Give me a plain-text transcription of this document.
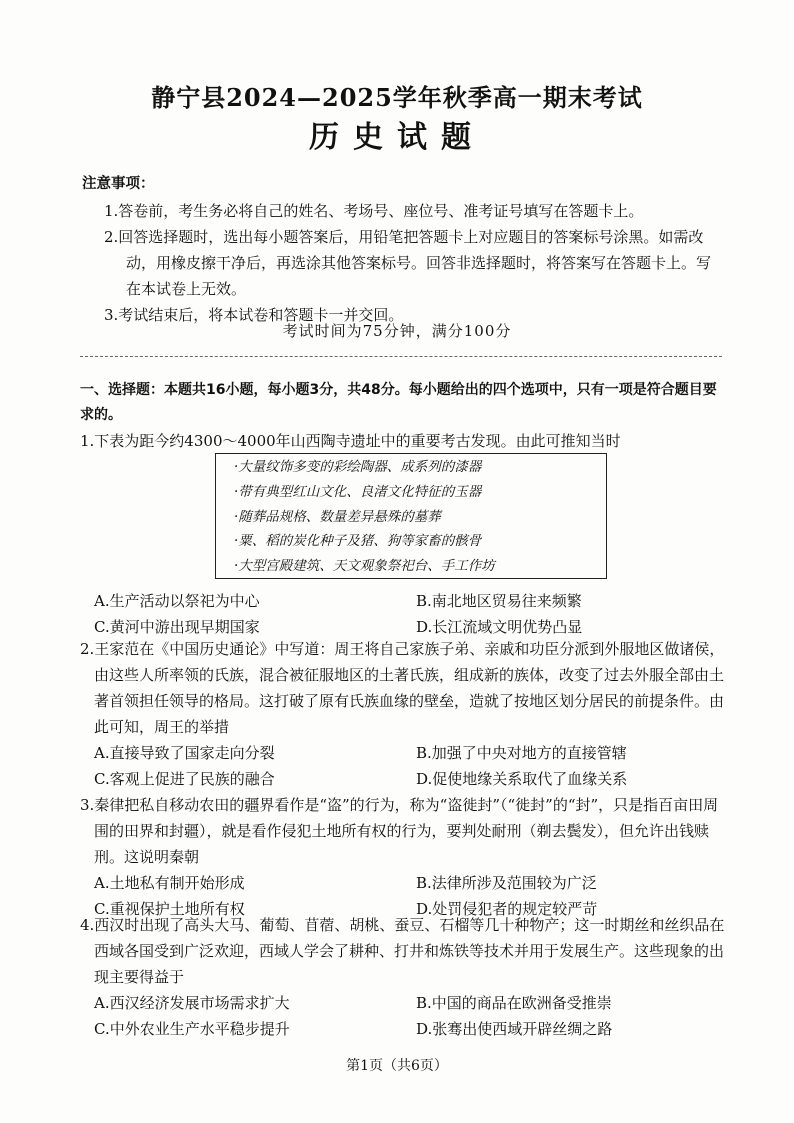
静宁县2024—2025学年秋季高一期末考试
历史试题
注意事项：

1.答卷前，考生务必将自己的姓名、考场号、座位号、准考证号填写在答题卡上。

2.回答选择题时，选出每小题答案后，用铅笔把答题卡上对应题目的答案标号涂黑。如需改动，用橡皮擦干净后，再选涂其他答案标号。回答非选择题时，将答案写在答题卡上。写在本试卷上无效。

3.考试结束后，将本试卷和答题卡一并交回。

考试时间为75分钟，满分100分
一、选择题：本题共16小题，每小题3分，共48分。每小题给出的四个选项中，只有一项是符合题目要求的。
1.下表为距今约4300～4000年山西陶寺遗址中的重要考古发现。由此可推知当时
·大量纹饰多变的彩绘陶器、成系列的漆器
·带有典型红山文化、良渚文化特征的玉器
·随葬品规格、数量差异悬殊的墓葬
·粟、稻的炭化种子及猪、狗等家畜的骸骨
·大型宫殿建筑、天文观象祭祀台、手工作坊
A.生产活动以祭祀为中心	B.南北地区贸易往来频繁
C.黄河中游出现早期国家	D.长江流域文明优势凸显
2.王家范在《中国历史通论》中写道：周王将自己家族子弟、亲戚和功臣分派到外服地区做诸侯，由这些人所率领的氏族，混合被征服地区的土著氏族，组成新的族体，改变了过去外服全部由土著首领担任领导的格局。这打破了原有氏族血缘的壁垒，造就了按地区划分居民的前提条件。由此可知，周王的举措
A.直接导致了国家走向分裂	B.加强了中央对地方的直接管辖
C.客观上促进了民族的融合	D.促使地缘关系取代了血缘关系
3.秦律把私自移动农田的疆界看作是“盗”的行为，称为“盗徙封”（“徙封”的“封”，只是指百亩田周围的田界和封疆），就是看作侵犯土地所有权的行为，要判处耐刑（剃去鬓发），但允许出钱赎刑。这说明秦朝
A.土地私有制开始形成	B.法律所涉及范围较为广泛
C.重视保护土地所有权	D.处罚侵犯者的规定较严苛
4.西汉时出现了高头大马、葡萄、苜蓿、胡桃、蚕豆、石榴等几十种物产；这一时期丝和丝织品在西域各国受到广泛欢迎，西域人学会了耕种、打井和炼铁等技术并用于发展生产。这些现象的出现主要得益于
A.西汉经济发展市场需求扩大	B.中国的商品在欧洲备受推崇
C.中外农业生产水平稳步提升	D.张骞出使西域开辟丝绸之路
第1页（共6页）
